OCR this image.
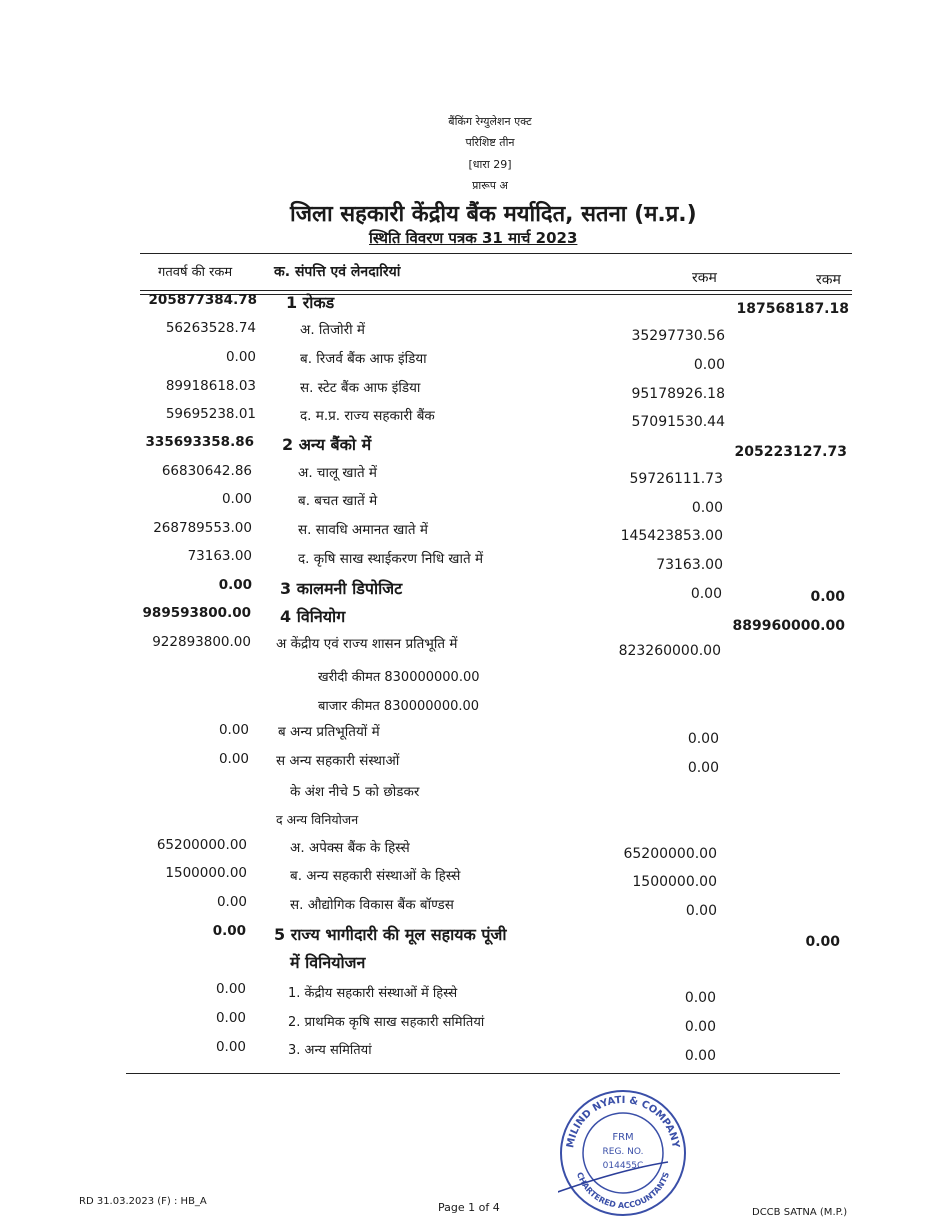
बैंकिंग रेग्युलेशन एक्ट
परिशिष्ट तीन
[धारा 29]
प्रारूप अ
जिला सहकारी केंद्रीय बैंक मर्यादित, सतना (म.प्र.)
स्थिति विवरण पत्रक 31 मार्च 2023
गतवर्ष की रकम	क. संपत्ति एवं लेनदारियां	रकम	रकम
205877384.78 1 रोकड	187568187.18
56263528.74	अ. तिजोरी में	35297730.56
0.00	ब. रिजर्व बैंक आफ इंडिया	0.00
89918618.03	स. स्टेट बैंक आफ इंडिया	95178926.18
59695238.01	द. म.प्र. राज्य सहकारी बैंक	57091530.44
335693358.86 2 अन्य बैंको में	205223127.73
66830642.86	अ. चालू खाते में	59726111.73
0.00	ब. बचत खातें मे	0.00
268789553.00	स. सावधि अमानत खाते में	145423853.00
73163.00	द. कृषि साख स्थाईकरण निधि खाते में	73163.00
0.00 3 कालमनी डिपोजिट	0.00	0.00
989593800.00 4 विनियोग	889960000.00
922893800.00 अ केंद्रीय एवं राज्य शासन प्रतिभूति में	823260000.00
खरीदी कीमत 830000000.00
बाजार कीमत 830000000.00
0.00 ब अन्य प्रतिभूतियों में	0.00
0.00 स अन्य सहकारी संस्थाओं	0.00
के अंश नीचे 5 को छोडकर
द अन्य विनियोजन
65200000.00	अ. अपेक्स बैंक के हिस्से	65200000.00
1500000.00	ब. अन्य सहकारी संस्थाओं के हिस्से	1500000.00
0.00	स. औद्योगिक विकास बैंक बॉण्डस	0.00
0.00 5 राज्य भागीदारी की मूल सहायक पूंजी	0.00
में विनियोजन
0.00	1. केंद्रीय सहकारी संस्थाओं में हिस्से	0.00
0.00	2. प्राथमिक कृषि साख सहकारी समितियां	0.00
0.00	3. अन्य समितियां	0.00
MILIND NYATI & COMPANY
CHARTERED ACCOUNTANTS
FRM
REG. NO.
014455C
RD 31.03.2023 (F) : HB_A	Page 1 of 4	DCCB SATNA (M.P.)
